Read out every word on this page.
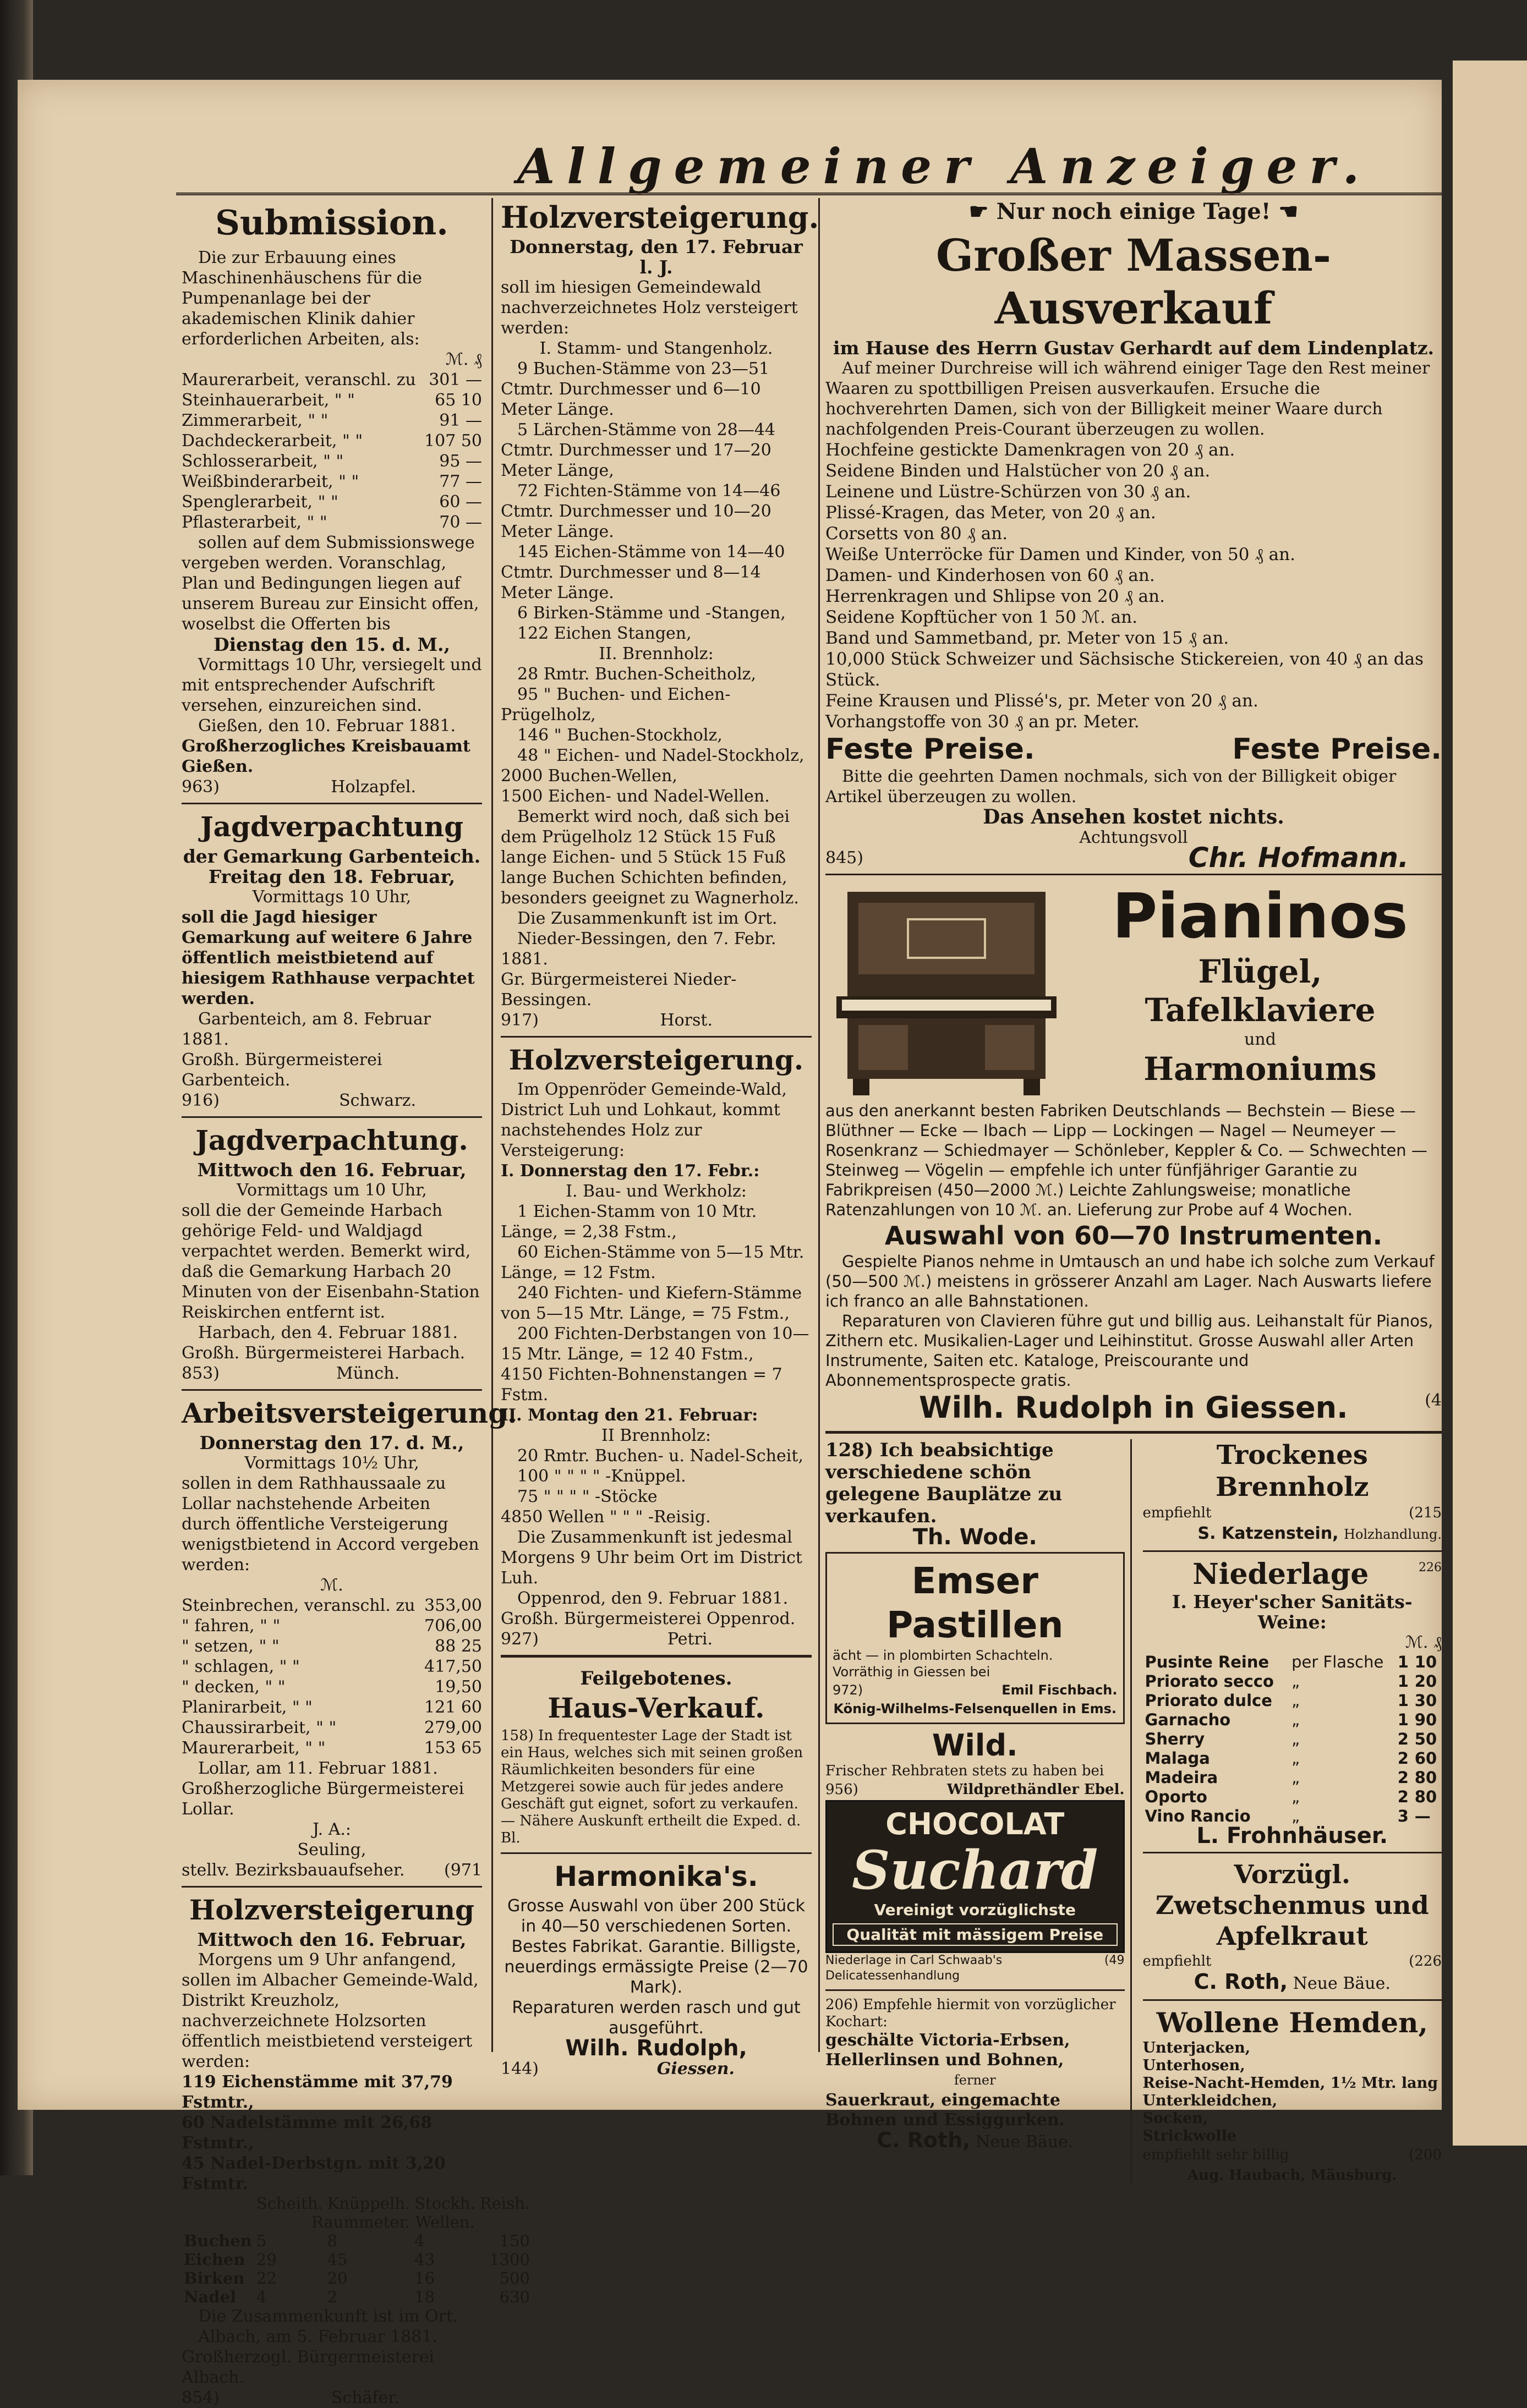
Allgemeiner Anzeiger.
Submission.

Die zur Erbauung eines Maschinenhäuschens für die Pumpenanlage bei der akademischen Klinik dahier erforderlichen Arbeiten, als:

ℳ. ₰
Maurerarbeit, veranschl. zu 301 —
Steinhauerarbeit, " "	65 10
Zimmerarbeit, " "	91 —
Dachdeckerarbeit, " "	107 50
Schlosserarbeit, " "	95 —
Weißbinderarbeit, " "	77 —
Spenglerarbeit, " "	60 —
Pflasterarbeit, " "	70 —

sollen auf dem Submissionswege vergeben werden. Voranschlag, Plan und Bedingungen liegen auf unserem Bureau zur Einsicht offen, woselbst die Offerten bis

Dienstag den 15. d. M.,

Vormittags 10 Uhr, versiegelt und mit entsprechender Aufschrift versehen, einzureichen sind.

Gießen, den 10. Februar 1881.

Großherzogliches Kreisbauamt Gießen.

963)	Holzapfel.
Jagdverpachtung
der Gemarkung Garbenteich.
Freitag den 18. Februar,
Vormittags 10 Uhr,

soll die Jagd hiesiger Gemarkung auf weitere 6 Jahre öffentlich meistbietend auf hiesigem Rathhause verpachtet werden.

Garbenteich, am 8. Februar 1881.

Großh. Bürgermeisterei Garbenteich.

916)	Schwarz.
Jagdverpachtung.
Mittwoch den 16. Februar,
Vormittags um 10 Uhr,

soll die der Gemeinde Harbach gehörige Feld- und Waldjagd verpachtet werden. Bemerkt wird, daß die Gemarkung Harbach 20 Minuten von der Eisenbahn-Station Reiskirchen entfernt ist.

Harbach, den 4. Februar 1881.

Großh. Bürgermeisterei Harbach.

853)	Münch.
Arbeitsversteigerung.
Donnerstag den 17. d. M.,
Vormittags 10½ Uhr,

sollen in dem Rathhaussaale zu Lollar nachstehende Arbeiten durch öffentliche Versteigerung wenigstbietend in Accord vergeben werden:

ℳ.
Steinbrechen, veranschl. zu 353,00
" fahren, " "	706,00
" setzen, " "	88 25
" schlagen, " "	417,50
" decken, " "	19,50
Planirarbeit, " "	121 60
Chaussirarbeit, " "	279,00
Maurerarbeit, " "	153 65

Lollar, am 11. Februar 1881.

Großherzogliche Bürgermeisterei Lollar.

J. A.:
Seuling,
stellv. Bezirksbauaufseher. (971
Holzversteigerung
Mittwoch den 16. Februar,

Morgens um 9 Uhr anfangend, sollen im Albacher Gemeinde-Wald, Distrikt Kreuzholz, nachverzeichnete Holzsorten öffentlich meistbietend versteigert werden:

119 Eichenstämme mit 37,79 Fstmtr.,

60 Nadelstämme mit 26,68 Fstmtr.,

45 Nadel-Derbstgn. mit 3,20 Fstmtr.

	Scheith.	Knüppelh.	Stockh.	Reish.
	Raummeter. Wellen.			
Buchen	5	8	4	150
Eichen	29	45	43	1300
Birken	22	20	16	500
Nadel	4	2	18	630

Die Zusammenkunft ist im Ort.

Albach, am 5. Februar 1881.

Großherzogl. Bürgermeisterei Albach.

854)	Schäfer.
Holzversteigerung.
Donnerstag, den 17. Februar l. J.

soll im hiesigen Gemeindewald nachverzeichnetes Holz versteigert werden:

I. Stamm- und Stangenholz.

9 Buchen-Stämme von 23—51 Ctmtr. Durchmesser und 6—10 Meter Länge.

5 Lärchen-Stämme von 28—44 Ctmtr. Durchmesser und 17—20 Meter Länge,

72 Fichten-Stämme von 14—46 Ctmtr. Durchmesser und 10—20 Meter Länge.

145 Eichen-Stämme von 14—40 Ctmtr. Durchmesser und 8—14 Meter Länge.

6 Birken-Stämme und -Stangen,

122 Eichen Stangen,

II. Brennholz:

28 Rmtr. Buchen-Scheitholz,

95 " Buchen- und Eichen-Prügelholz,

146 " Buchen-Stockholz,

48 " Eichen- und Nadel-Stockholz,

2000 Buchen-Wellen,

1500 Eichen- und Nadel-Wellen.

Bemerkt wird noch, daß sich bei dem Prügelholz 12 Stück 15 Fuß lange Eichen- und 5 Stück 15 Fuß lange Buchen Schichten befinden, besonders geeignet zu Wagnerholz.

Die Zusammenkunft ist im Ort.

Nieder-Bessingen, den 7. Febr. 1881.

Gr. Bürgermeisterei Nieder-Bessingen.

917)	Horst.
Holzversteigerung.

Im Oppenröder Gemeinde-Wald, District Luh und Lohkaut, kommt nachstehendes Holz zur Versteigerung:

I. Donnerstag den 17. Febr.:
I. Bau- und Werkholz:

1 Eichen-Stamm von 10 Mtr. Länge, = 2,38 Fstm.,

60 Eichen-Stämme von 5—15 Mtr. Länge, = 12 Fstm.

240 Fichten- und Kiefern-Stämme von 5—15 Mtr. Länge, = 75 Fstm.,

200 Fichten-Derbstangen von 10—15 Mtr. Länge, = 12 40 Fstm.,

4150 Fichten-Bohnenstangen = 7 Fstm.

II. Montag den 21. Februar:
II Brennholz:

20 Rmtr. Buchen- u. Nadel-Scheit,

100 " " " " -Knüppel.

75 " " " " -Stöcke

4850 Wellen " " " -Reisig.

Die Zusammenkunft ist jedesmal Morgens 9 Uhr beim Ort im District Luh.

Oppenrod, den 9. Februar 1881.

Großh. Bürgermeisterei Oppenrod.

927)	Petri.
Feilgebotenes.
Haus-Verkauf.

158) In frequentester Lage der Stadt ist ein Haus, welches sich mit seinen großen Räumlichkeiten besonders für eine Metzgerei sowie auch für jedes andere Geschäft gut eignet, sofort zu verkaufen. — Nähere Auskunft ertheilt die Exped. d. Bl.

Harmonika's.

Grosse Auswahl von über 200 Stück in 40—50 verschiedenen Sorten. Bestes Fabrikat. Garantie. Billigste, neuerdings ermässigte Preise (2—70 Mark).

Reparaturen werden rasch und gut ausgeführt.

Wilh. Rudolph,
144)	Giessen.
☛ Nur noch einige Tage! ☚
Großer Massen-Ausverkauf
im Hause des Herrn Gustav Gerhardt auf dem Lindenplatz.

Auf meiner Durchreise will ich während einiger Tage den Rest meiner Waaren zu spottbilligen Preisen ausverkaufen. Ersuche die hochverehrten Damen, sich von der Billigkeit meiner Waare durch nachfolgenden Preis-Courant überzeugen zu wollen.

Hochfeine gestickte Damenkragen von 20 ₰ an.

Seidene Binden und Halstücher von 20 ₰ an.

Leinene und Lüstre-Schürzen von 30 ₰ an.

Plissé-Kragen, das Meter, von 20 ₰ an.

Corsetts von 80 ₰ an.

Weiße Unterröcke für Damen und Kinder, von 50 ₰ an.

Damen- und Kinderhosen von 60 ₰ an.

Herrenkragen und Shlipse von 20 ₰ an.

Seidene Kopftücher von 1 50 ℳ. an.

Band und Sammetband, pr. Meter von 15 ₰ an.

10,000 Stück Schweizer und Sächsische Stickereien, von 40 ₰ an das Stück.

Feine Krausen und Plissé's, pr. Meter von 20 ₰ an.

Vorhangstoffe von 30 ₰ an pr. Meter.

Feste Preise.	Feste Preise.

Bitte die geehrten Damen nochmals, sich von der Billigkeit obiger Artikel überzeugen zu wollen.

Das Ansehen kostet nichts.
Achtungsvoll
845)	Chr. Hofmann.
Pianinos
Flügel, Tafelklaviere
und
Harmoniums

aus den anerkannt besten Fabriken Deutschlands — Bechstein — Biese — Blüthner — Ecke — Ibach — Lipp — Lockingen — Nagel — Neumeyer — Rosenkranz — Schiedmayer — Schönleber, Keppler & Co. — Schwechten — Steinweg — Vögelin — empfehle ich unter fünfjähriger Garantie zu Fabrikpreisen (450—2000 ℳ.) Leichte Zahlungsweise; monatliche Ratenzahlungen von 10 ℳ. an. Lieferung zur Probe auf 4 Wochen.

Auswahl von 60—70 Instrumenten.

Gespielte Pianos nehme in Umtausch an und habe ich solche zum Verkauf (50—500 ℳ.) meistens in grösserer Anzahl am Lager. Nach Auswarts liefere ich franco an alle Bahnstationen.

Reparaturen von Clavieren führe gut und billig aus. Leihanstalt für Pianos, Zithern etc. Musikalien-Lager und Leihinstitut. Grosse Auswahl aller Arten Instrumente, Saiten etc. Kataloge, Preiscourante und Abonnementsprospecte gratis.

Wilh. Rudolph in Giessen.	(4

128) Ich beabsichtige verschiedene schön gelegene Bauplätze zu verkaufen.

Th. Wode.
Emser Pastillen

ächt — in plombirten Schachteln.

Vorräthig in Giessen bei

972)	Emil Fischbach.

König-Wilhelms-Felsenquellen in Ems.

Wild.

Frischer Rehbraten stets zu haben bei

956)	Wildprethändler Ebel.
CHOCOLAT
Suchard
Vereinigt vorzüglichste
Qualität mit mässigem Preise
Niederlage in Carl Schwaab's Delicatessenhandlung
(49

206) Empfehle hiermit von vorzüglicher Kochart:

geschälte Victoria-Erbsen, Hellerlinsen und Bohnen,

ferner

Sauerkraut, eingemachte Bohnen und Essiggurken.

C. Roth, Neue Bäue.
Trockenes Brennholz
empfiehlt	(215
S. Katzenstein, Holzhandlung.
Niederlage	226
I. Heyer'scher Sanitäts-Weine:
ℳ. ₰
Pusinte Reine	per Flasche	1	10
Priorato secco	„	1	20
Priorato dulce	„	1	30
Garnacho	„	1	90
Sherry	„	2	50
Malaga	„	2	60
Madeira	„	2	80
Oporto	„	2	80
Vino Rancio	„	3	—
L. Frohnhäuser.
Vorzügl. Zwetschenmus und Apfelkraut
empfiehlt	(226
C. Roth, Neue Bäue.
Wollene Hemden,

Unterjacken,

Unterhosen,

Reise-Nacht-Hemden, 1½ Mtr. lang

Unterkleidchen,

Socken,

Strickwolle

empfiehlt sehr billig	(200
Aug. Haubach, Mäusburg.
